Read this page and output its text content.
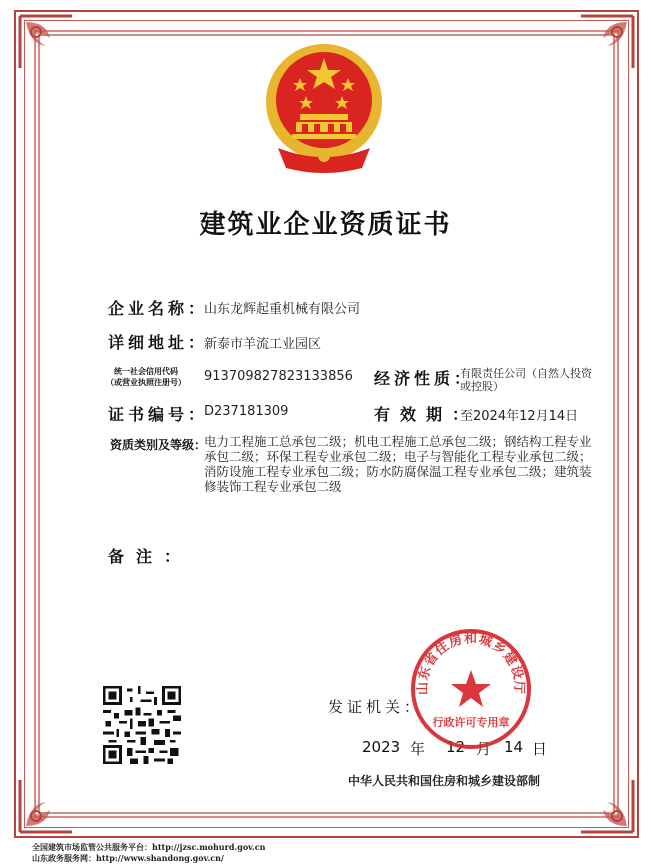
建筑业企业资质证书
企业名称：
山东龙辉起重机械有限公司
详细地址：
新泰市羊流工业园区
统一社会信用代码
（或营业执照注册号） 913709827823133856 经济性质：
有限责任公司（自然人投资或控股）
证书编号：
D237181309	有效期：
至2024年12月14日
资质类别及等级：
电力工程施工总承包二级；机电工程施工总承包二级；钢结构工程专业承包二级；环保工程专业承包二级；电子与智能化工程专业承包二级；消防设施工程专业承包二级；防水防腐保温工程专业承包二级；建筑装修装饰工程专业承包二级
备注：
发证机关：
2023 年 12 月 14 日
中华人民共和国住房和城乡建设部制
山东省住房和城乡建设厅
行政许可专用章
全国建筑市场监管公共服务平台：http://jzsc.mohurd.gov.cn
山东政务服务网：http://www.shandong.gov.cn/
